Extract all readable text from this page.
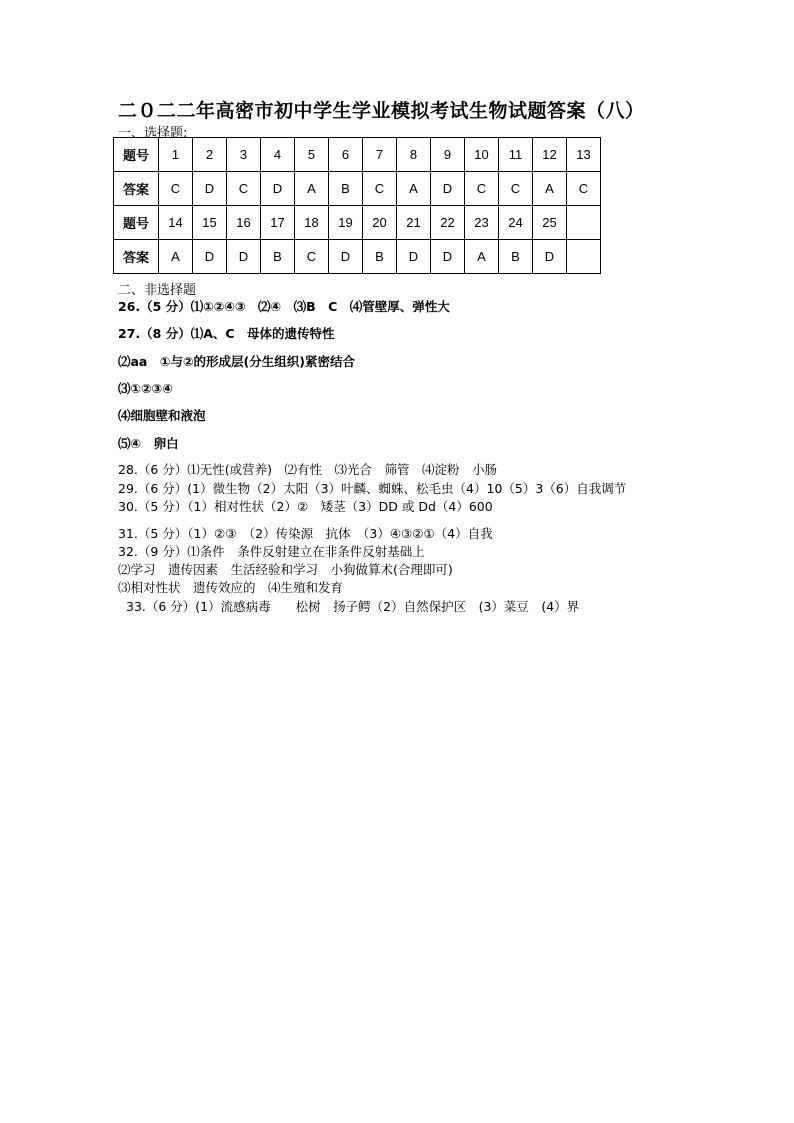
二０二二年高密市初中学生学业模拟考试生物试题答案（八）
一、选择题:
题号	1	2	3	4	5	6	7	8	9	10	11	12	13
答案	C	D	C	D	A	B	C	A	D	C	C	A	C
题号	14	15	16	17	18	19	20	21	22	23	24	25	
答案	A	D	D	B	C	D	B	D	D	A	B	D	
二、非选择题
26.（5 分）⑴①②④③　⑵④　⑶B　C　⑷管壁厚、弹性大
27.（8 分）⑴A、C　母体的遗传特性
⑵aa　①与②的形成层(分生组织)紧密结合
⑶①②③④
⑷细胞壁和液泡
⑸④　卵白
28.（6 分）⑴无性(或营养)　⑵有性　⑶光合　筛管　⑷淀粉　小肠
29.（6 分）(1）微生物（2）太阳（3）叶麟、蜘蛛、松毛虫（4）10（5）3（6）自我调节
30.（5 分）（1）相对性状（2）②　矮茎（3）DD 或 Dd（4）600
31.（5 分）（1）②③　（2）传染源　抗体　（3）④③②①（4）自我
32.（9 分）⑴条件　条件反射建立在非条件反射基础上
⑵学习　遗传因素　生活经验和学习　小狗做算术(合理即可)
⑶相对性状　遗传效应的　⑷生殖和发育
33.（6 分）(1）流感病毒　　松树　扬子鳄（2）自然保护区　(3）菜豆　(4）界
